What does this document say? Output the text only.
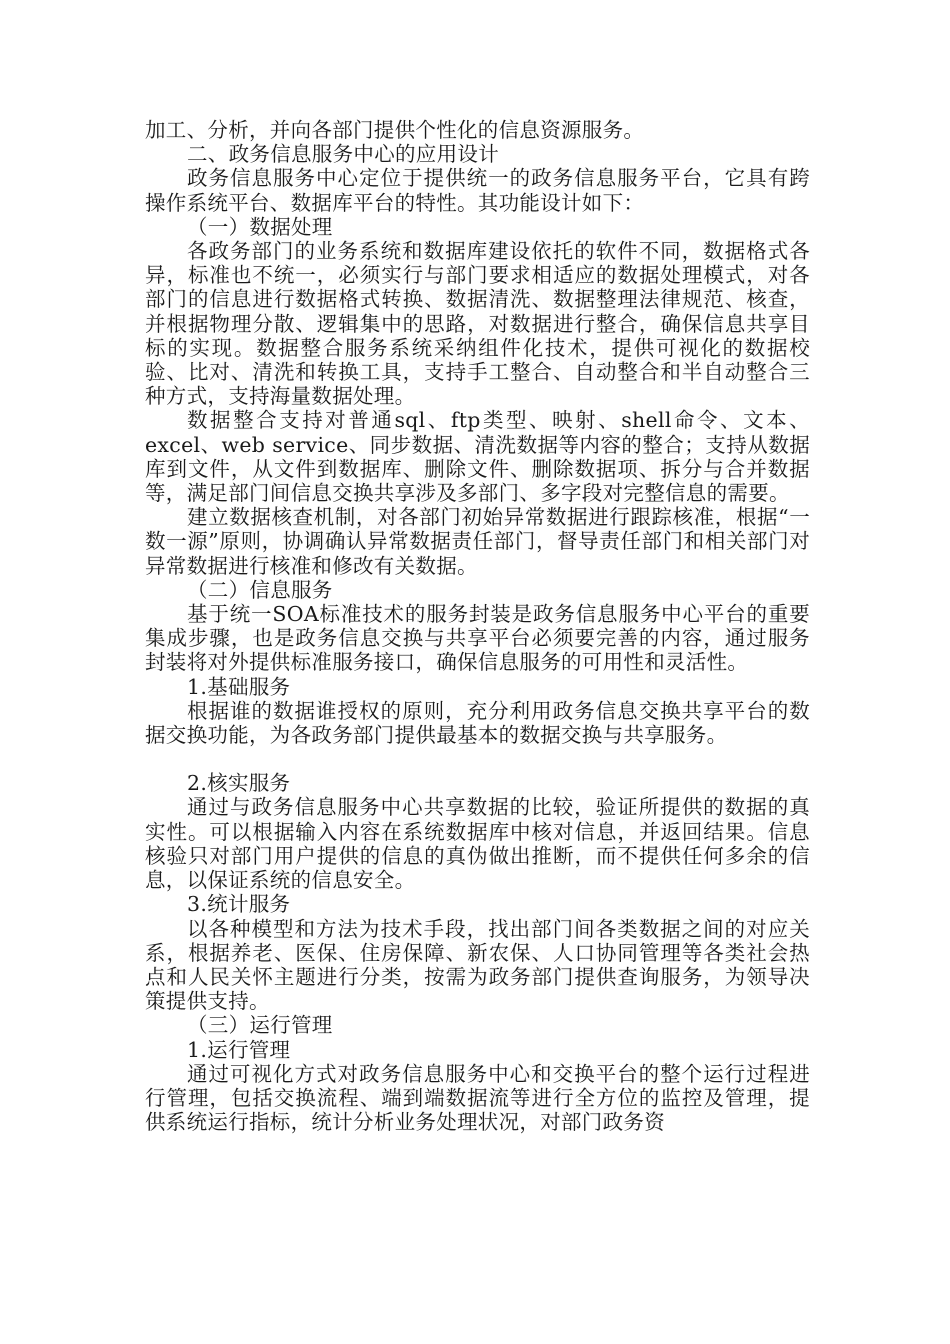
加工、分析，并向各部门提供个性化的信息资源服务。

二、政务信息服务中心的应用设计

政务信息服务中心定位于提供统一的政务信息服务平台，它具有跨操作系统平台、数据库平台的特性。其功能设计如下：

（一）数据处理

各政务部门的业务系统和数据库建设依托的软件不同，数据格式各异，标准也不统一，必须实行与部门要求相适应的数据处理模式，对各部门的信息进行数据格式转换、数据清洗、数据整理法律规范、核查，并根据物理分散、逻辑集中的思路，对数据进行整合，确保信息共享目标的实现。数据整合服务系统采纳组件化技术，提供可视化的数据校验、比对、清洗和转换工具，支持手工整合、自动整合和半自动整合三种方式，支持海量数据处理。

数据整合支持对普通sql、ftp类型、映射、shell命令、文本、excel、web service、同步数据、清洗数据等内容的整合；支持从数据库到文件，从文件到数据库、删除文件、删除数据项、拆分与合并数据等，满足部门间信息交换共享涉及多部门、多字段对完整信息的需要。

建立数据核查机制，对各部门初始异常数据进行跟踪核准，根据“一数一源”原则，协调确认异常数据责任部门，督导责任部门和相关部门对异常数据进行核准和修改有关数据。

（二）信息服务

基于统一SOA标准技术的服务封装是政务信息服务中心平台的重要集成步骤，也是政务信息交换与共享平台必须要完善的内容，通过服务封装将对外提供标准服务接口，确保信息服务的可用性和灵活性。

1.基础服务

根据谁的数据谁授权的原则，充分利用政务信息交换共享平台的数据交换功能，为各政务部门提供最基本的数据交换与共享服务。

2.核实服务

通过与政务信息服务中心共享数据的比较，验证所提供的数据的真实性。可以根据输入内容在系统数据库中核对信息，并返回结果。信息核验只对部门用户提供的信息的真伪做出推断，而不提供任何多余的信息，以保证系统的信息安全。

3.统计服务

以各种模型和方法为技术手段，找出部门间各类数据之间的对应关系，根据养老、医保、住房保障、新农保、人口协同管理等各类社会热点和人民关怀主题进行分类，按需为政务部门提供查询服务，为领导决策提供支持。

（三）运行管理

1.运行管理

通过可视化方式对政务信息服务中心和交换平台的整个运行过程进行管理，包括交换流程、端到端数据流等进行全方位的监控及管理，提供系统运行指标，统计分析业务处理状况，对部门政务资
